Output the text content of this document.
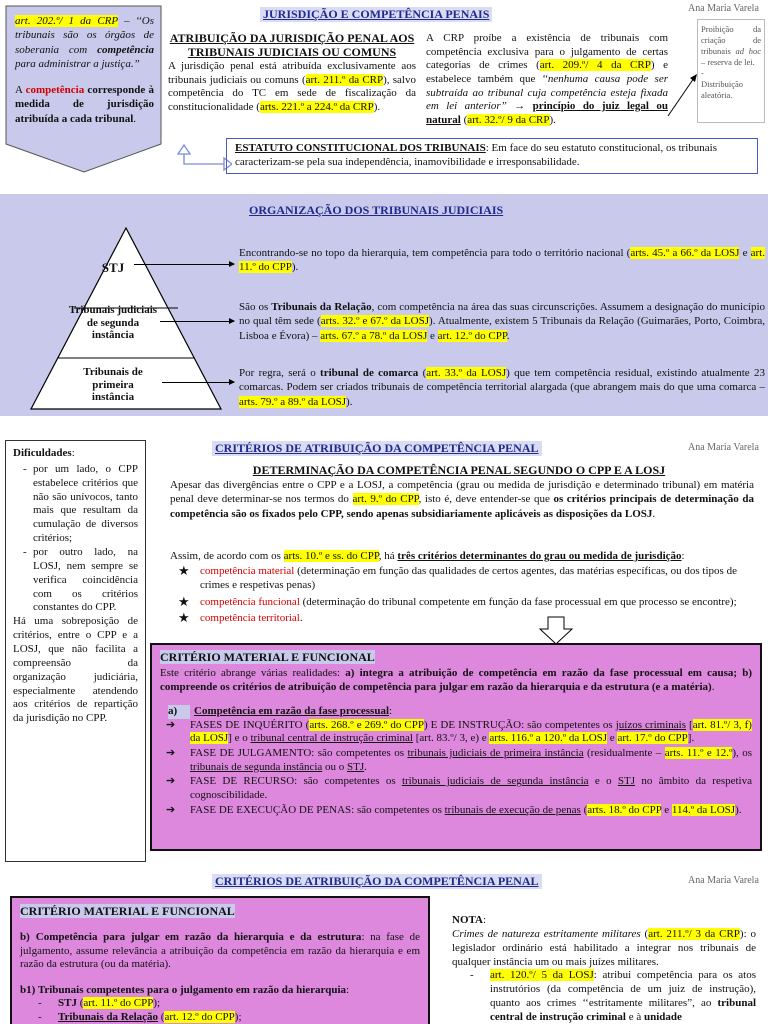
JURISDIÇÃO E COMPETÊNCIA PENAIS	Ana Maria Varela
art. 202.º/ 1 da CRP – ‘‘Os tribunais são os órgãos de soberania com competência para administrar a justiça.”
A competência corresponde à medida de jurisdição atribuída a cada tribunal.
ATRIBUIÇÃO DA JURISDIÇÃO PENAL AOS TRIBUNAIS JUDICIAIS OU COMUNS
A jurisdição penal está atribuída exclusivamente aos tribunais judiciais ou comuns (art. 211.º da CRP), salvo competência do TC em sede de fiscalização da constitucionalidade (arts. 221.º a 224.º da CRP).
A CRP proíbe a existência de tribunais com competência exclusiva para o julgamento de certas categorias de crimes (art. 209.º/ 4 da CRP) e estabelece também que ‘‘nenhuma causa pode ser subtraída ao tribunal cuja competência esteja fixada em lei anterior” → princípio do juiz legal ou natural (art. 32.º/ 9 da CRP).
Proibição da criação de tribunais ad hoc – reserva de lei.
-
Distribuição aleatória.
ESTATUTO CONSTITUCIONAL DOS TRIBUNAIS: Em face do seu estatuto constitucional, os tribunais caracterizam-se pela sua independência, inamovibilidade e irresponsabilidade.
ORGANIZAÇÃO DOS TRIBUNAIS JUDICIAIS
STJ
Tribunais judiciais de segunda instância
Tribunais de primeira instância
Encontrando-se no topo da hierarquia, tem competência para todo o território nacional (arts. 45.º a 66.º da LOSJ e art. 11.º do CPP).
São os Tribunais da Relação, com competência na área das suas circunscrições. Assumem a designação do município no qual têm sede (arts. 32.º e 67.º da LOSJ). Atualmente, existem 5 Tribunais da Relação (Guimarães, Porto, Coimbra, Lisboa e Évora) – arts. 67.º a 78.º da LOSJ e art. 12.º do CPP.
Por regra, será o tribunal de comarca (art. 33.º da LOSJ) que tem competência residual, existindo atualmente 23 comarcas. Podem ser criados tribunais de competência territorial alargada (que abrangem mais do que uma comarca – arts. 79.º a 89.º da LOSJ).
CRITÉRIOS DE ATRIBUIÇÃO DA COMPETÊNCIA PENAL	Ana Maria Varela
Dificuldades:
- por um lado, o CPP estabelece critérios que não são unívocos, tanto mais que resultam da cumulação de diversos critérios;
- por outro lado, na LOSJ, nem sempre se verifica coincidência com os critérios constantes do CPP.
Há uma sobreposição de critérios, entre o CPP e a LOSJ, que não facilita a compreensão da organização judiciária, especialmente atendendo aos critérios de repartição da jurisdição no CPP.
DETERMINAÇÃO DA COMPETÊNCIA PENAL SEGUNDO O CPP E A LOSJ
Apesar das divergências entre o CPP e a LOSJ, a competência (grau ou medida de jurisdição e determinado tribunal) em matéria penal deve determinar-se nos termos do art. 9.º do CPP, isto é, deve entender-se que os critérios principais de determinação da competência são os fixados pelo CPP, sendo apenas subsidiariamente aplicáveis as disposições da LOSJ.
Assim, de acordo com os arts. 10.º e ss. do CPP, há três critérios determinantes do grau ou medida de jurisdição:
★ competência material (determinação em função das qualidades de certos agentes, das matérias específicas, ou dos tipos de crimes e respetivas penas)
★ competência funcional (determinação do tribunal competente em função da fase processual em que processo se encontre);
★ competência territorial.
CRITÉRIO MATERIAL E FUNCIONAL
Este critério abrange várias realidades: a) integra a atribuição de competência em razão da fase processual em causa; b) compreende os critérios de atribuição de competência para julgar em razão da hierarquia e da estrutura (e a matéria).
a) Competência em razão da fase processual:
➔ FASES DE INQUÉRITO (arts. 268.º e 269.º do CPP) E DE INSTRUÇÃO: são competentes os juízos criminais [art. 81.º/ 3, f) da LOSJ] e o tribunal central de instrução criminal [art. 83.º/ 3, e) e arts. 116.º a 120.º da LOSJ e art. 17.º do CPP].
➔ FASE DE JULGAMENTO: são competentes os tribunais judiciais de primeira instância (residualmente – arts. 11.º e 12.º), os tribunais de segunda instância ou o STJ.
➔ FASE DE RECURSO: são competentes os tribunais judiciais de segunda instância e o STJ no âmbito da respetiva cognoscibilidade.
➔ FASE DE EXECUÇÃO DE PENAS: são competentes os tribunais de execução de penas (arts. 18.º do CPP e 114.º da LOSJ).
CRITÉRIOS DE ATRIBUIÇÃO DA COMPETÊNCIA PENAL	Ana Maria Varela
CRITÉRIO MATERIAL E FUNCIONAL
b) Competência para julgar em razão da hierarquia e da estrutura: na fase de julgamento, assume relevância a atribuição da competência em razão da hierarquia e em razão da estrutura (ou da matéria).
b1) Tribunais competentes para o julgamento em razão da hierarquia:
- STJ (art. 11.º do CPP);
- Tribunais da Relação (art. 12.º do CPP);
NOTA:
Crimes de natureza estritamente militares (art. 211.º/ 3 da CRP): o legislador ordinário está habilitado a integrar nos tribunais de qualquer instância um ou mais juízes militares.
- art. 120.º/ 5 da LOSJ: atribui competência para os atos instrutórios (da competência de um juiz de instrução), quanto aos crimes ‘‘estritamente militares”, ao tribunal central de instrução criminal e à unidade
